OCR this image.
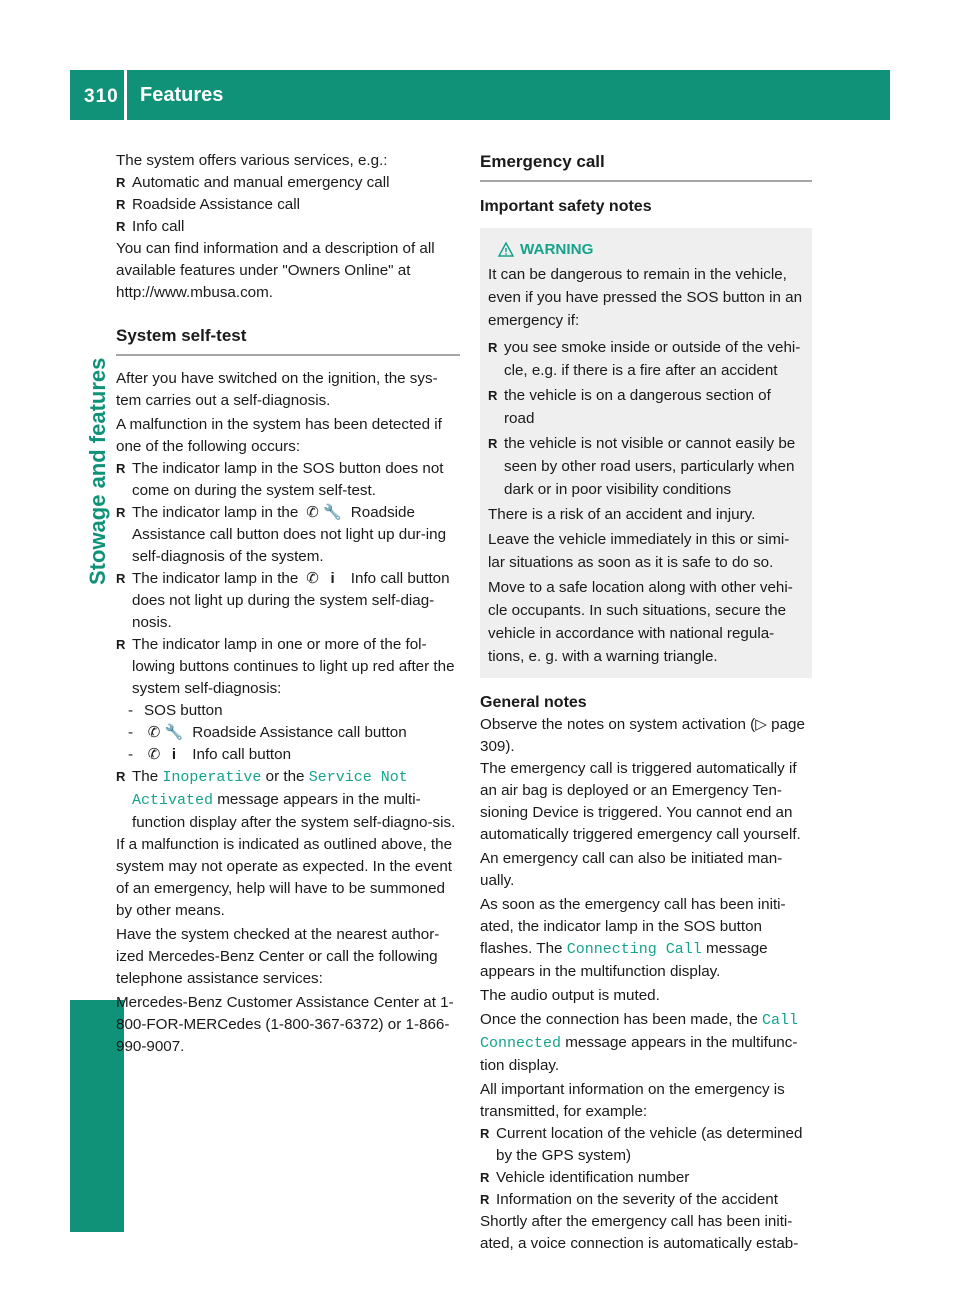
310 Features
Stowage and features

The system offers various services, e.g.:

R Automatic and manual emergency call
R Roadside Assistance call
R Info call

You can find information and a description of all available features under "Owners Online" at http://www.mbusa.com.

System self-test

After you have switched on the ignition, the sys-tem carries out a self-diagnosis.

A malfunction in the system has been detected if one of the following occurs:

R The indicator lamp in the SOS button does not come on during the system self-test.
R The indicator lamp in the ✆ 🔧 Roadside Assistance call button does not light up dur-ing self-diagnosis of the system.
R The indicator lamp in the ✆ i Info call button does not light up during the system self-diag-nosis.
R The indicator lamp in one or more of the fol-lowing buttons continues to light up red after the system self-diagnosis:
- SOS button
- ✆ 🔧 Roadside Assistance call button
- ✆ i Info call button
R The Inoperative or the Service Not Activated message appears in the multi-function display after the system self-diagno-sis.

If a malfunction is indicated as outlined above, the system may not operate as expected. In the event of an emergency, help will have to be summoned by other means.

Have the system checked at the nearest author-ized Mercedes-Benz Center or call the following telephone assistance services:

Mercedes-Benz Customer Assistance Center at 1-800-FOR-MERCedes (1-800-367-6372) or 1-866-990-9007.

Emergency call
Important safety notes
WARNING

It can be dangerous to remain in the vehicle, even if you have pressed the SOS button in an emergency if:

R you see smoke inside or outside of the vehi-cle, e.g. if there is a fire after an accident
R the vehicle is on a dangerous section of road
R the vehicle is not visible or cannot easily be seen by other road users, particularly when dark or in poor visibility conditions

There is a risk of an accident and injury.

Leave the vehicle immediately in this or simi-lar situations as soon as it is safe to do so.

Move to a safe location along with other vehi-cle occupants. In such situations, secure the vehicle in accordance with national regula-tions, e. g. with a warning triangle.

General notes

Observe the notes on system activation (▷ page 309).

The emergency call is triggered automatically if an air bag is deployed or an Emergency Ten-sioning Device is triggered. You cannot end an automatically triggered emergency call yourself.

An emergency call can also be initiated man-ually.

As soon as the emergency call has been initi-ated, the indicator lamp in the SOS button flashes. The Connecting Call message appears in the multifunction display.

The audio output is muted.

Once the connection has been made, the Call Connected message appears in the multifunc-tion display.

All important information on the emergency is transmitted, for example:

R Current location of the vehicle (as determined by the GPS system)
R Vehicle identification number
R Information on the severity of the accident

Shortly after the emergency call has been initi-ated, a voice connection is automatically estab-
